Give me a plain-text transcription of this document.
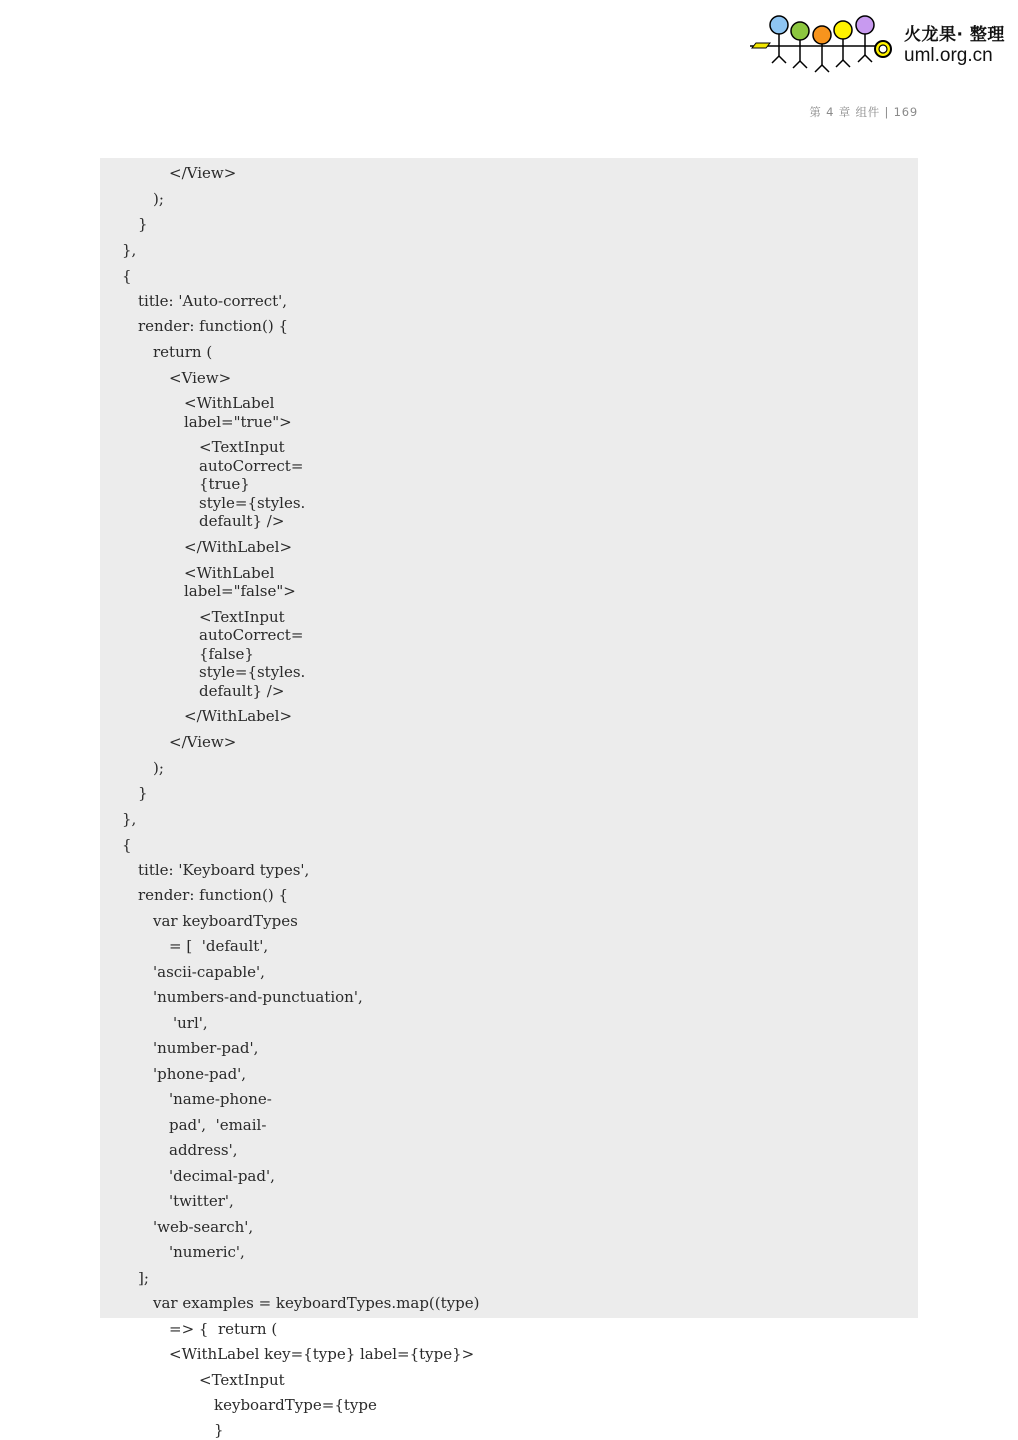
火龙果· 整理
uml.org.cn
第 4 章 组件 | 169
</View>
);
}
},
{
title: 'Auto-correct',
render: function() {
return (
<View>
<WithLabel
label="true">
<TextInput
autoCorrect=
{true}
style={styles.
default} />
</WithLabel>
<WithLabel
label="false">
<TextInput
autoCorrect=
{false}
style={styles.
default} />
</WithLabel>
</View>
);
}
},
{
title: 'Keyboard types',
render: function() {
var keyboardTypes
= [  'default',
'ascii-capable',
'numbers-and-punctuation',
'url',
'number-pad',
'phone-pad',
'name-phone-
pad',  'email-
address',
'decimal-pad',
'twitter',
'web-search',
'numeric',
];
var examples = keyboardTypes.map((type)
=> {  return (
<WithLabel key={type} label={type}>
<TextInput
keyboardType={type
}
